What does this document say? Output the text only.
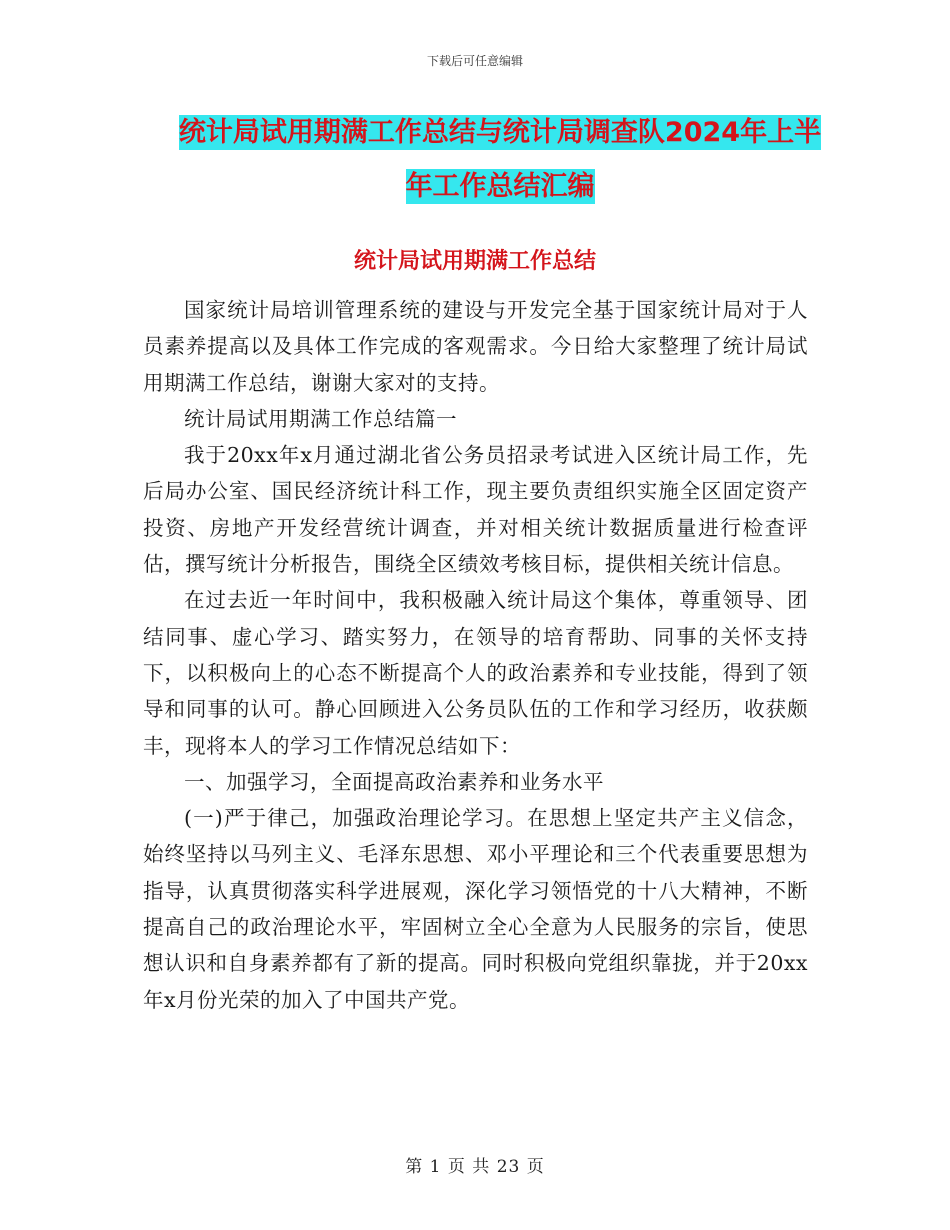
下载后可任意编辑
统计局试用期满工作总结与统计局调查队2024年上半
年工作总结汇编
统计局试用期满工作总结

国家统计局培训管理系统的建设与开发完全基于国家统计局对于人员素养提高以及具体工作完成的客观需求。今日给大家整理了统计局试用期满工作总结，谢谢大家对的支持。

统计局试用期满工作总结篇一

我于20xx年x月通过湖北省公务员招录考试进入区统计局工作，先后局办公室、国民经济统计科工作，现主要负责组织实施全区固定资产投资、房地产开发经营统计调查，并对相关统计数据质量进行检查评估，撰写统计分析报告，围绕全区绩效考核目标，提供相关统计信息。

在过去近一年时间中，我积极融入统计局这个集体，尊重领导、团结同事、虚心学习、踏实努力，在领导的培育帮助、同事的关怀支持下，以积极向上的心态不断提高个人的政治素养和专业技能，得到了领导和同事的认可。静心回顾进入公务员队伍的工作和学习经历，收获颇丰，现将本人的学习工作情况总结如下：

一、加强学习，全面提高政治素养和业务水平

(一)严于律己，加强政治理论学习。在思想上坚定共产主义信念，始终坚持以马列主义、毛泽东思想、邓小平理论和三个代表重要思想为指导，认真贯彻落实科学进展观，深化学习领悟党的十八大精神，不断提高自己的政治理论水平，牢固树立全心全意为人民服务的宗旨，使思想认识和自身素养都有了新的提高。同时积极向党组织靠拢，并于20xx年x月份光荣的加入了中国共产党。

第 1 页 共 23 页
